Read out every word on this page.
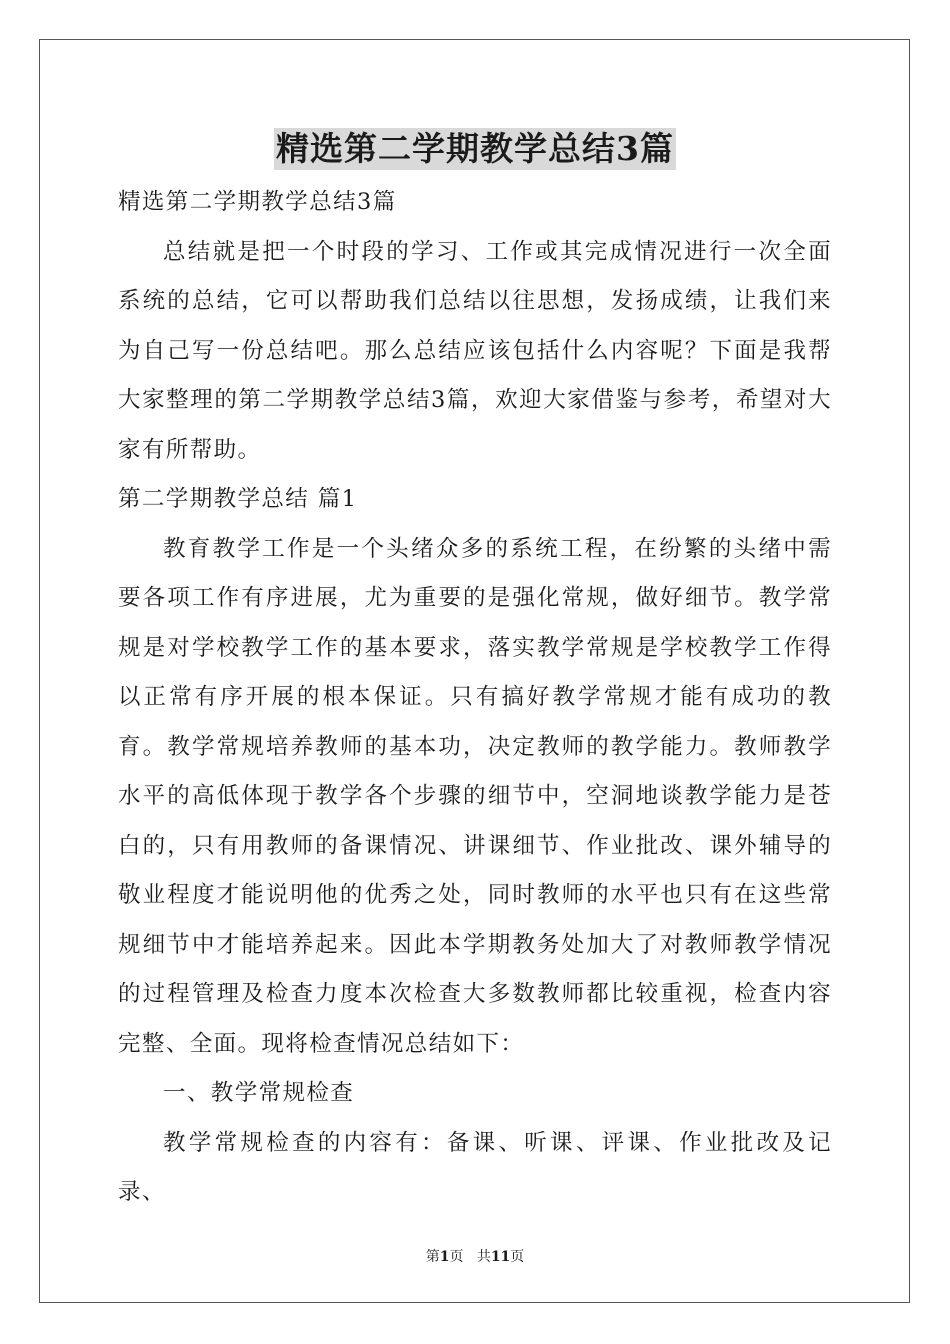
精选第二学期教学总结3篇

精选第二学期教学总结3篇

总结就是把一个时段的学习、工作或其完成情况进行一次全面系统的总结，它可以帮助我们总结以往思想，发扬成绩，让我们来为自己写一份总结吧。那么总结应该包括什么内容呢？下面是我帮大家整理的第二学期教学总结3篇，欢迎大家借鉴与参考，希望对大家有所帮助。

第二学期教学总结 篇1

教育教学工作是一个头绪众多的系统工程，在纷繁的头绪中需要各项工作有序进展，尤为重要的是强化常规，做好细节。教学常规是对学校教学工作的基本要求，落实教学常规是学校教学工作得以正常有序开展的根本保证。只有搞好教学常规才能有成功的教育。教学常规培养教师的基本功，决定教师的教学能力。教师教学水平的高低体现于教学各个步骤的细节中，空洞地谈教学能力是苍白的，只有用教师的备课情况、讲课细节、作业批改、课外辅导的敬业程度才能说明他的优秀之处，同时教师的水平也只有在这些常规细节中才能培养起来。因此本学期教务处加大了对教师教学情况的过程管理及检查力度本次检查大多数教师都比较重视，检查内容完整、全面。现将检查情况总结如下：

一、教学常规检查

教学常规检查的内容有：备课、听课、评课、作业批改及记录、

第1页 共11页
